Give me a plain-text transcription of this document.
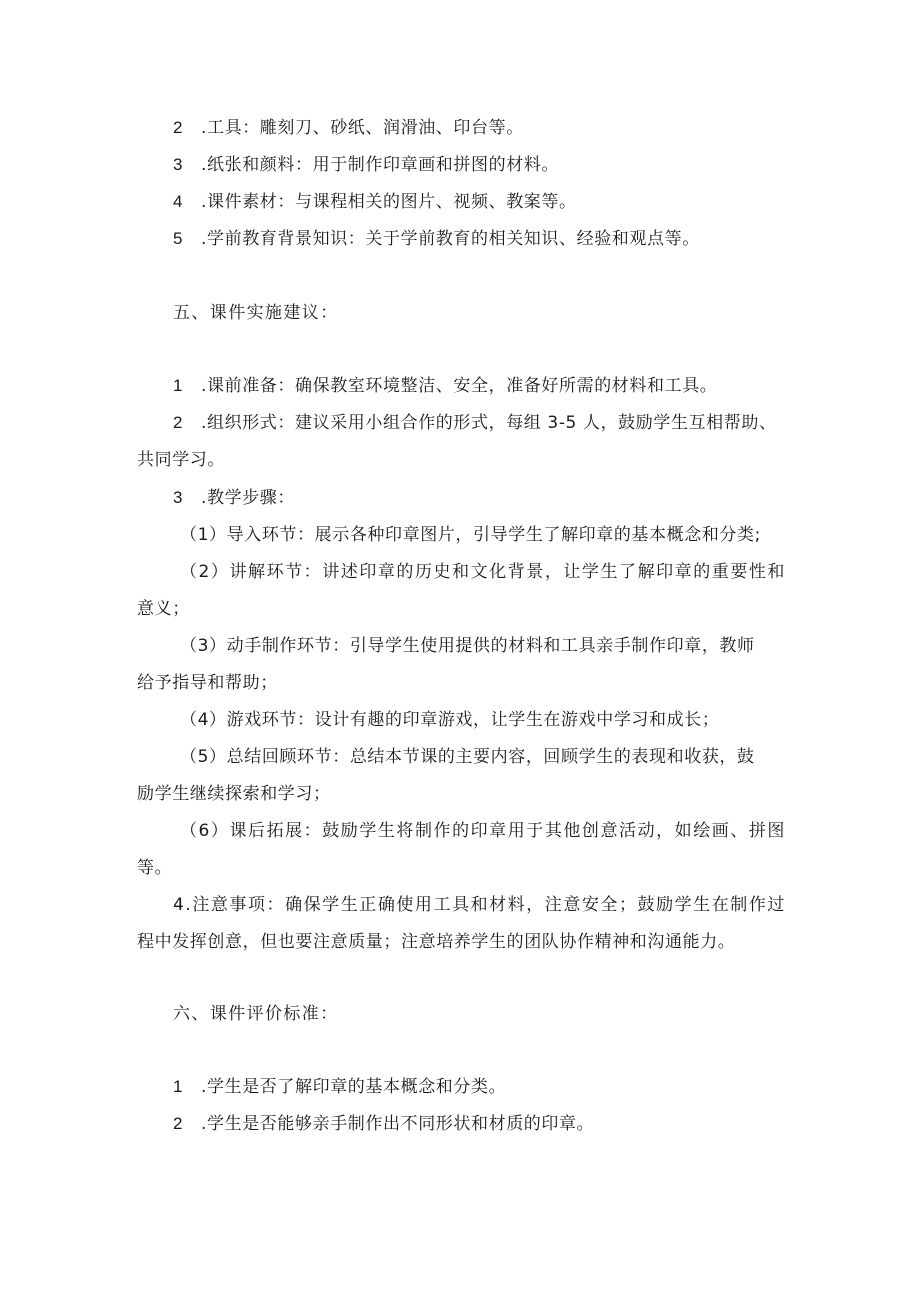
2 .工具：雕刻刀、砂纸、润滑油、印台等。
3 .纸张和颜料：用于制作印章画和拼图的材料。
4 .课件素材：与课程相关的图片、视频、教案等。
5 .学前教育背景知识：关于学前教育的相关知识、经验和观点等。
五、课件实施建议：
1 .课前准备：确保教室环境整洁、安全，准备好所需的材料和工具。
2 .组织形式：建议采用小组合作的形式，每组 3-5 人，鼓励学生互相帮助、
共同学习。
3 .教学步骤：
（1）导入环节：展示各种印章图片，引导学生了解印章的基本概念和分类;
（2）讲解环节：讲述印章的历史和文化背景，让学生了解印章的重要性和
意义；
（3）动手制作环节：引导学生使用提供的材料和工具亲手制作印章，教师
给予指导和帮助；
（4）游戏环节：设计有趣的印章游戏，让学生在游戏中学习和成长；
（5）总结回顾环节：总结本节课的主要内容，回顾学生的表现和收获，鼓
励学生继续探索和学习；
（6）课后拓展：鼓励学生将制作的印章用于其他创意活动，如绘画、拼图
等。
4.注意事项：确保学生正确使用工具和材料，注意安全；鼓励学生在制作过
程中发挥创意，但也要注意质量；注意培养学生的团队协作精神和沟通能力。
六、课件评价标准：
1 .学生是否了解印章的基本概念和分类。
2 .学生是否能够亲手制作出不同形状和材质的印章。
